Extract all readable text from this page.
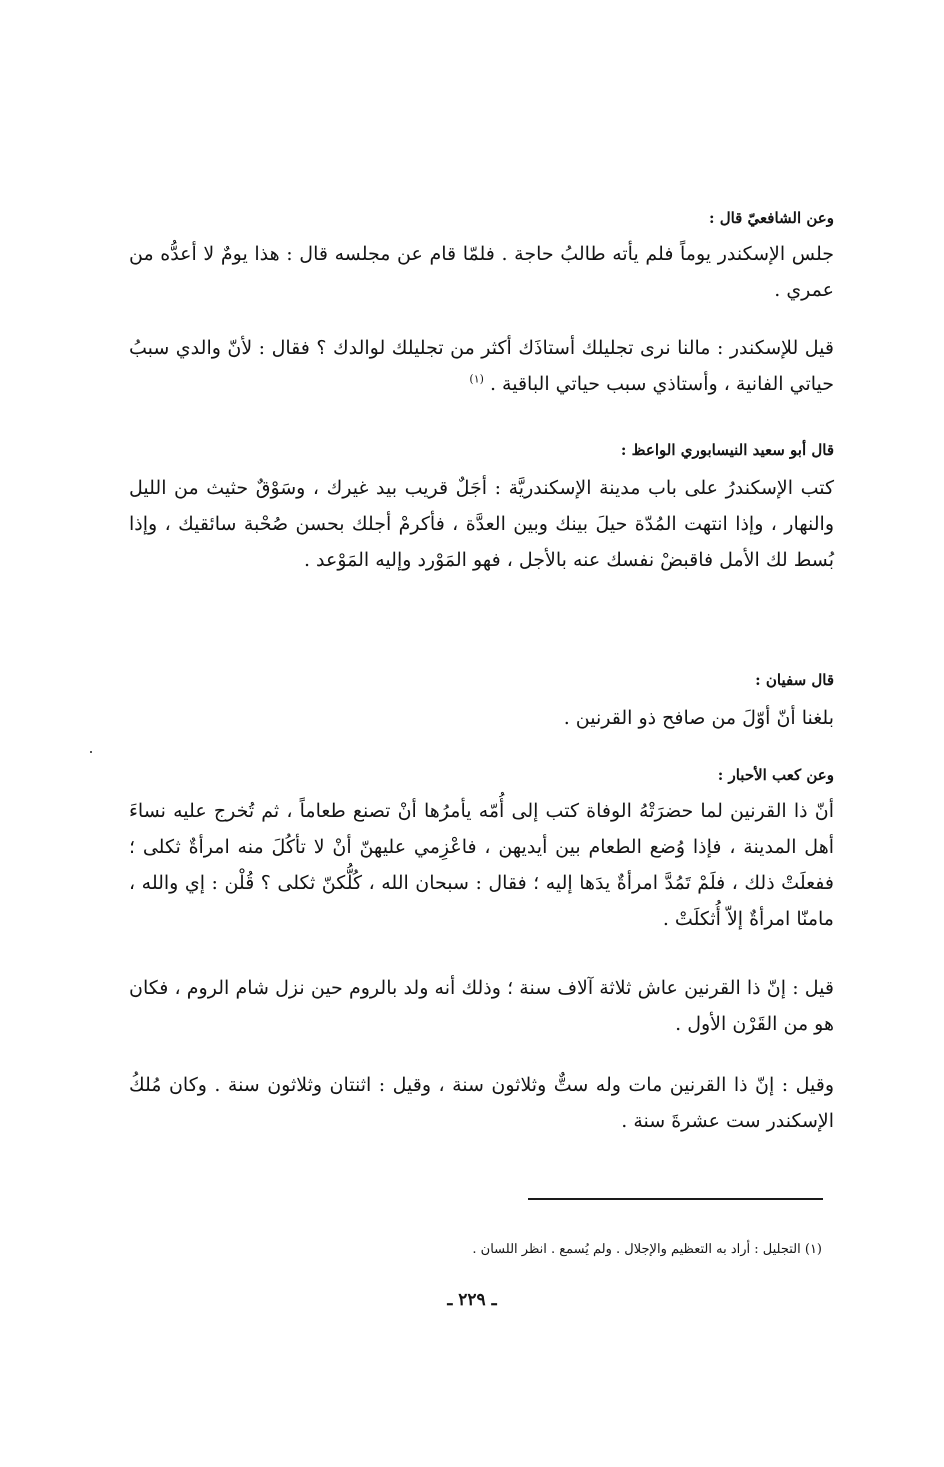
وعن الشافعيّ قال :

جلس الإسكندر يوماً فلم يأته طالبُ حاجة . فلمّا قام عن مجلسه قال : هذا يومٌ لا أعدُّه من عمري .

قيل للإسكندر : مالنا نرى تجليلك أستاذَك أكثر من تجليلك لوالدك ؟ فقال : لأنّ والدي سببُ حياتي الفانية ، وأستاذي سبب حياتي الباقية . $^{(١)}$

قال أبو سعيد النيسابوري الواعظ :

كتب الإسكندرُ على باب مدينة الإسكندريَّة : أجَلٌ قريب بيد غيرك ، وسَوْقٌ حثيث من الليل والنهار ، وإذا انتهت المُدّة حيلَ بينك وبين العدَّة ، فأكرمْ أجلك بحسن صُحْبة سائقيك ، وإذا بُسط لك الأمل فاقبضْ نفسك عنه بالأجل ، فهو المَوْرد وإليه المَوْعد .

قال سفيان :

بلغنا أنّ أوّلَ من صافح ذو القرنين .

وعن كعب الأحبار :

أنّ ذا القرنين لما حضرَتْهُ الوفاة كتب إلى أُمّه يأمرُها أنْ تصنع طعاماً ، ثم تُخرج عليه نساءَ أهل المدينة ، فإذا وُضع الطعام بين أيديهن ، فاعْزِمي عليهنّ أنْ لا تأكُلَ منه امرأةٌ ثكلى ؛ ففعلَتْ ذلك ، فلَمْ تَمُدَّ امرأةٌ يدَها إليه ؛ فقال : سبحان الله ، كُلُّكنّ ثكلى ؟ قُلْن : إي والله ، مامنّا امرأةٌ إلاّ أُثكلَتْ .

قيل : إنّ ذا القرنين عاش ثلاثة آلاف سنة ؛ وذلك أنه ولد بالروم حين نزل شام الروم ، فكان هو من القَرْن الأول .

وقيل : إنّ ذا القرنين مات وله ستٌّ وثلاثون سنة ، وقيل : اثنتان وثلاثون سنة . وكان مُلكُ الإسكندر ست عشرةَ سنة .

(١) التجليل : أراد به التعظيم والإجلال . ولم يُسمع . انظر اللسان .
ـ ٢٢٩ ـ
